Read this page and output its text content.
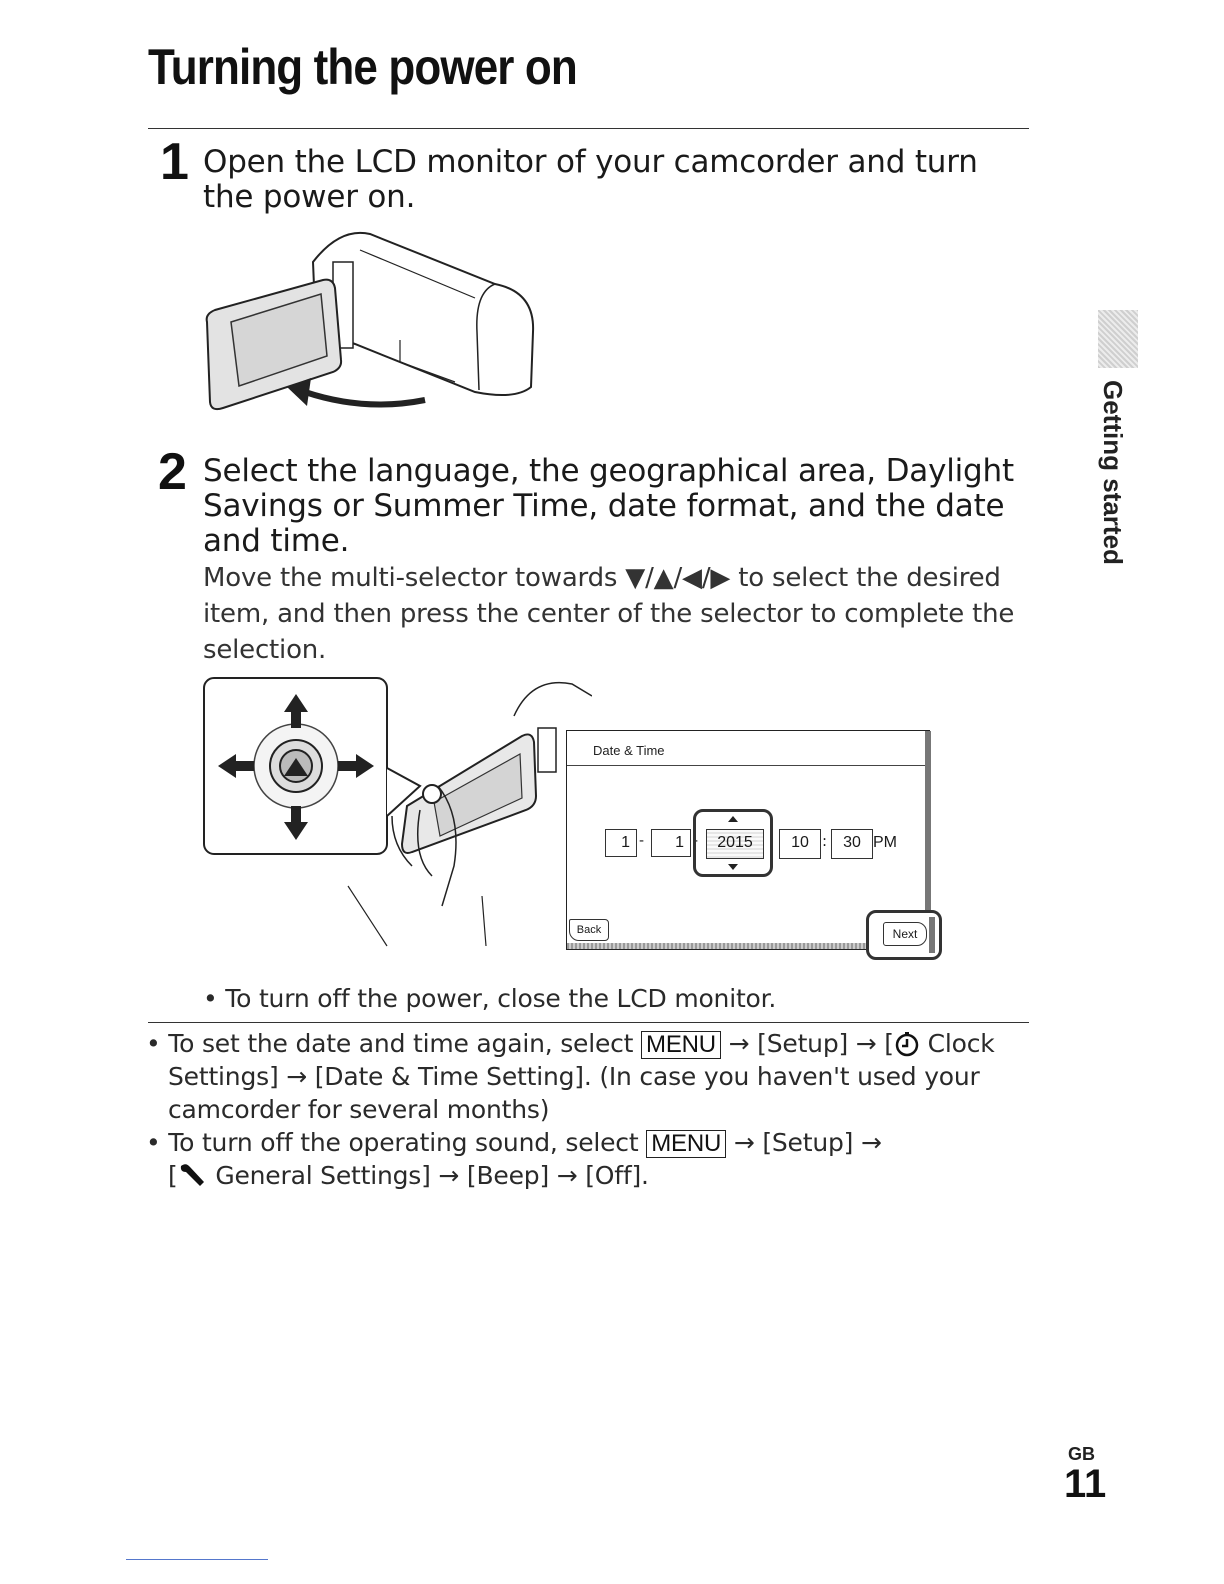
Turning the power on
Getting started
1 Open the LCD monitor of your camcorder and turn
the power on.
2 Select the language, the geographical area, Daylight
Savings or Summer Time, date format, and the date
and time.
Move the multi-selector towards ▼/▲/◀/▶ to select the desired
item, and then press the center of the selector to complete the
selection.
Date & Time
1 -	1 -	2015	10 :	30 PM
Back	Next
• To turn off the power, close the LCD monitor.
• To set the date and time again, select MENU → [Setup] → [ Clock
Settings] → [Date & Time Setting]. (In case you haven't used your
camcorder for several months)
• To turn off the operating sound, select MENU → [Setup] →
[ General Settings] → [Beep] → [Off].
GB
11
